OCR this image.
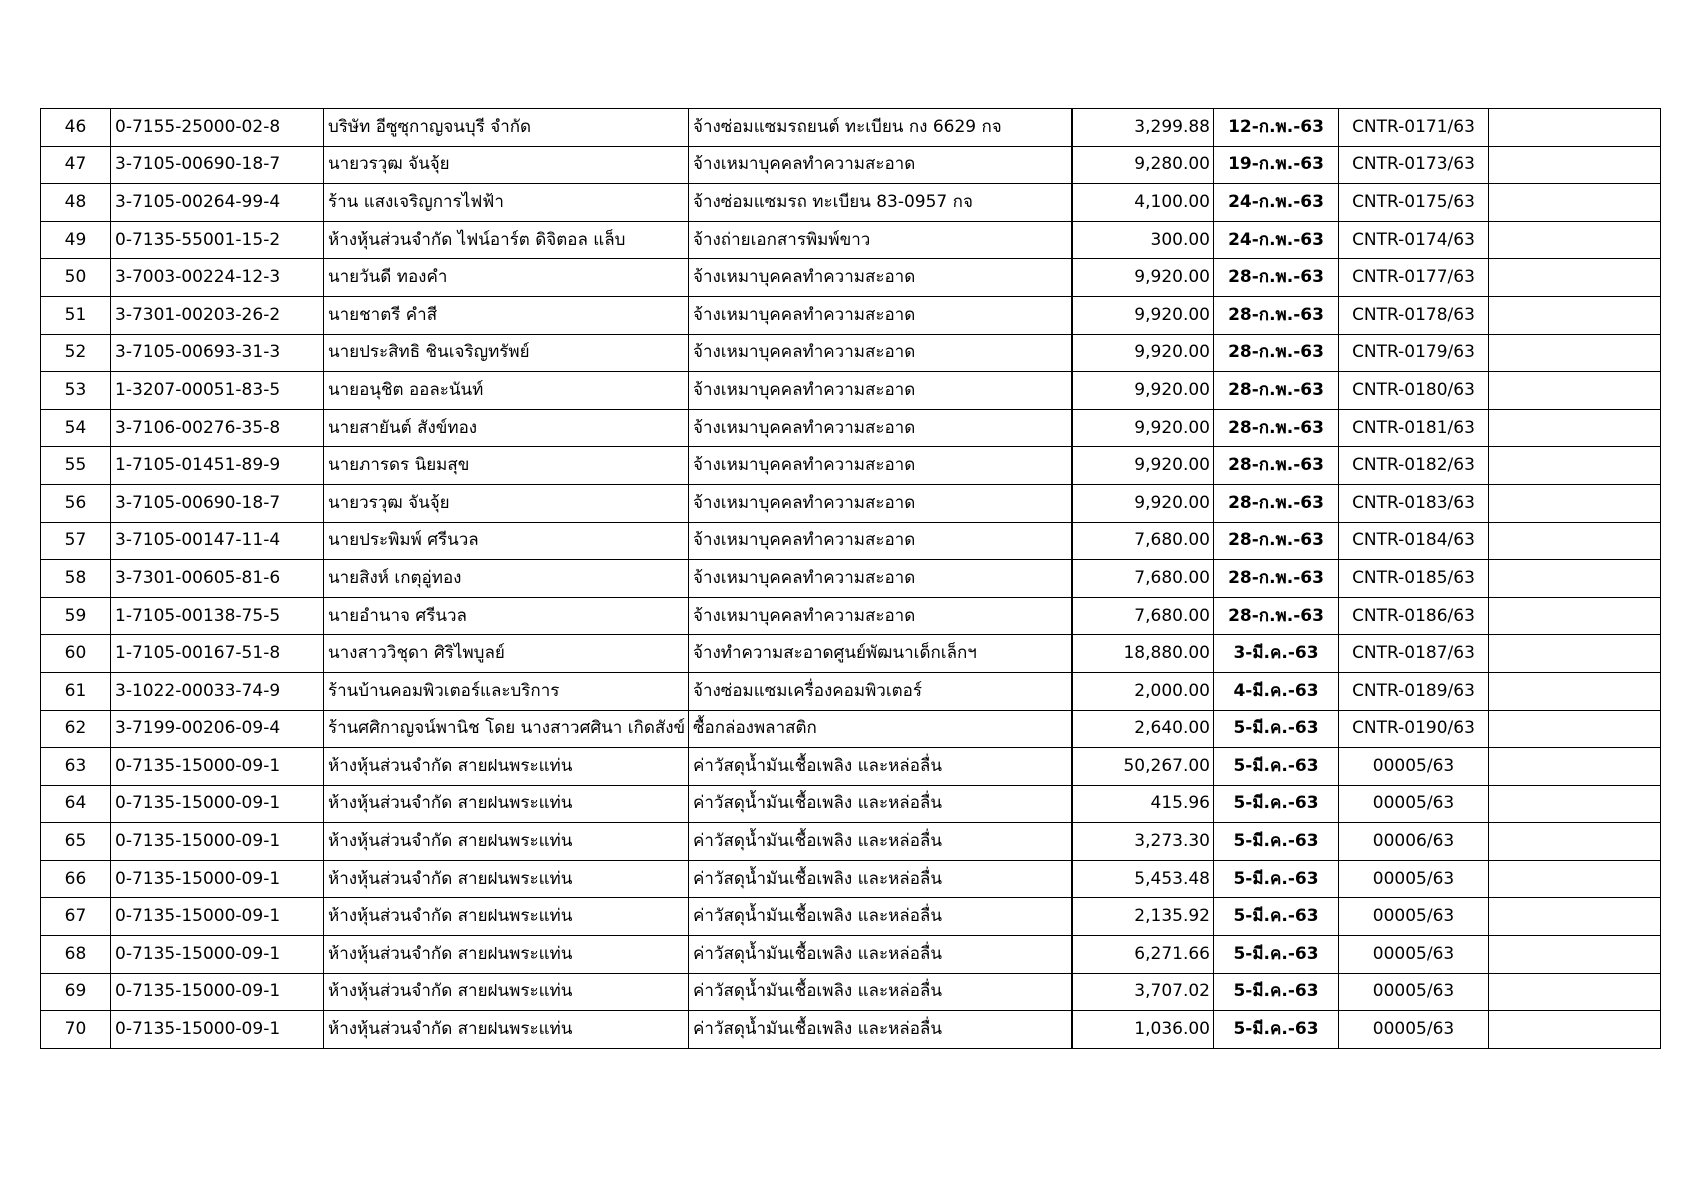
46	0-7155-25000-02-8	บริษัท อีซูซุกาญจนบุรี จำกัด	จ้างซ่อมแซมรถยนต์ ทะเบียน กง 6629 กจ	3,299.88	12-ก.พ.-63	CNTR-0171/63	
47	3-7105-00690-18-7	นายวรวุฒ จันจุ้ย	จ้างเหมาบุคคลทำความสะอาด	9,280.00	19-ก.พ.-63	CNTR-0173/63	
48	3-7105-00264-99-4	ร้าน แสงเจริญการไฟฟ้า	จ้างซ่อมแซมรถ ทะเบียน 83-0957 กจ	4,100.00	24-ก.พ.-63	CNTR-0175/63	
49	0-7135-55001-15-2	ห้างหุ้นส่วนจำกัด ไฟน์อาร์ต ดิจิตอล แล็บ	จ้างถ่ายเอกสารพิมพ์ขาว	300.00	24-ก.พ.-63	CNTR-0174/63	
50	3-7003-00224-12-3	นายวันดี ทองคำ	จ้างเหมาบุคคลทำความสะอาด	9,920.00	28-ก.พ.-63	CNTR-0177/63	
51	3-7301-00203-26-2	นายชาตรี คำสี	จ้างเหมาบุคคลทำความสะอาด	9,920.00	28-ก.พ.-63	CNTR-0178/63	
52	3-7105-00693-31-3	นายประสิทธิ ชินเจริญทรัพย์	จ้างเหมาบุคคลทำความสะอาด	9,920.00	28-ก.พ.-63	CNTR-0179/63	
53	1-3207-00051-83-5	นายอนุชิต ออละนันท์	จ้างเหมาบุคคลทำความสะอาด	9,920.00	28-ก.พ.-63	CNTR-0180/63	
54	3-7106-00276-35-8	นายสายันต์ สังข์ทอง	จ้างเหมาบุคคลทำความสะอาด	9,920.00	28-ก.พ.-63	CNTR-0181/63	
55	1-7105-01451-89-9	นายภารดร นิยมสุข	จ้างเหมาบุคคลทำความสะอาด	9,920.00	28-ก.พ.-63	CNTR-0182/63	
56	3-7105-00690-18-7	นายวรวุฒ จันจุ้ย	จ้างเหมาบุคคลทำความสะอาด	9,920.00	28-ก.พ.-63	CNTR-0183/63	
57	3-7105-00147-11-4	นายประพิมพ์ ศรีนวล	จ้างเหมาบุคคลทำความสะอาด	7,680.00	28-ก.พ.-63	CNTR-0184/63	
58	3-7301-00605-81-6	นายสิงห์ เกตุอู่ทอง	จ้างเหมาบุคคลทำความสะอาด	7,680.00	28-ก.พ.-63	CNTR-0185/63	
59	1-7105-00138-75-5	นายอำนาจ ศรีนวล	จ้างเหมาบุคคลทำความสะอาด	7,680.00	28-ก.พ.-63	CNTR-0186/63	
60	1-7105-00167-51-8	นางสาววิชุดา ศิริไพบูลย์	จ้างทำความสะอาดศูนย์พัฒนาเด็กเล็กฯ	18,880.00	3-มี.ค.-63	CNTR-0187/63	
61	3-1022-00033-74-9	ร้านบ้านคอมพิวเตอร์และบริการ	จ้างซ่อมแซมเครื่องคอมพิวเตอร์	2,000.00	4-มี.ค.-63	CNTR-0189/63	
62	3-7199-00206-09-4	ร้านศศิกาญจน์พานิช โดย นางสาวศศินา เกิดสังข์	ซื้อกล่องพลาสติก	2,640.00	5-มี.ค.-63	CNTR-0190/63	
63	0-7135-15000-09-1	ห้างหุ้นส่วนจำกัด สายฝนพระแท่น	ค่าวัสดุน้ำมันเชื้อเพลิง และหล่อลื่น	50,267.00	5-มี.ค.-63	00005/63	
64	0-7135-15000-09-1	ห้างหุ้นส่วนจำกัด สายฝนพระแท่น	ค่าวัสดุน้ำมันเชื้อเพลิง และหล่อลื่น	415.96	5-มี.ค.-63	00005/63	
65	0-7135-15000-09-1	ห้างหุ้นส่วนจำกัด สายฝนพระแท่น	ค่าวัสดุน้ำมันเชื้อเพลิง และหล่อลื่น	3,273.30	5-มี.ค.-63	00006/63	
66	0-7135-15000-09-1	ห้างหุ้นส่วนจำกัด สายฝนพระแท่น	ค่าวัสดุน้ำมันเชื้อเพลิง และหล่อลื่น	5,453.48	5-มี.ค.-63	00005/63	
67	0-7135-15000-09-1	ห้างหุ้นส่วนจำกัด สายฝนพระแท่น	ค่าวัสดุน้ำมันเชื้อเพลิง และหล่อลื่น	2,135.92	5-มี.ค.-63	00005/63	
68	0-7135-15000-09-1	ห้างหุ้นส่วนจำกัด สายฝนพระแท่น	ค่าวัสดุน้ำมันเชื้อเพลิง และหล่อลื่น	6,271.66	5-มี.ค.-63	00005/63	
69	0-7135-15000-09-1	ห้างหุ้นส่วนจำกัด สายฝนพระแท่น	ค่าวัสดุน้ำมันเชื้อเพลิง และหล่อลื่น	3,707.02	5-มี.ค.-63	00005/63	
70	0-7135-15000-09-1	ห้างหุ้นส่วนจำกัด สายฝนพระแท่น	ค่าวัสดุน้ำมันเชื้อเพลิง และหล่อลื่น	1,036.00	5-มี.ค.-63	00005/63	
